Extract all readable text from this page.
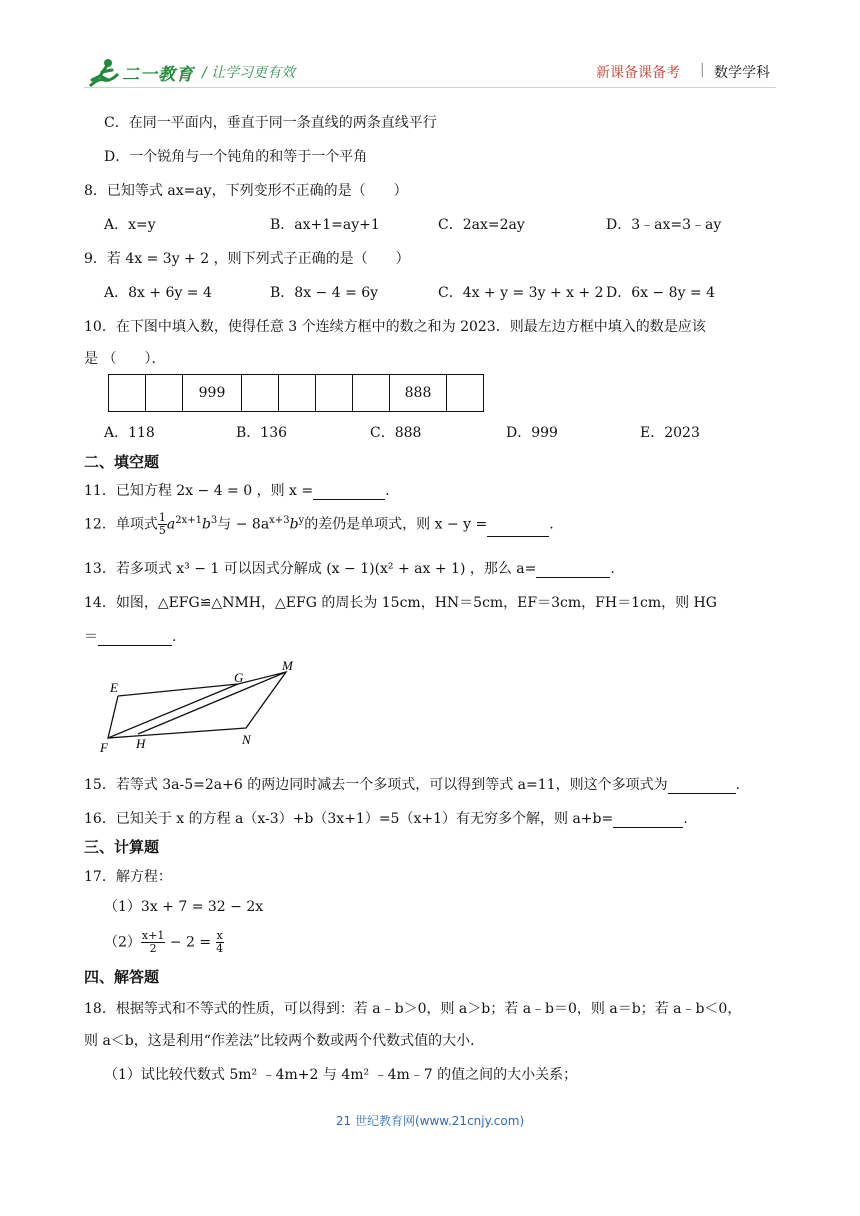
二一教育 / 让学习更有效	新课备课备考 | 数学学科
C．在同一平面内，垂直于同一条直线的两条直线平行
D．一个锐角与一个钝角的和等于一个平角
8．已知等式 ax=ay，下列变形不正确的是（　　）
A．x=y	B．ax+1=ay+1	C．2ax=2ay	D．3﹣ax=3﹣ay
9．若 4x = 3y + 2 ，则下列式子正确的是（　　）
A．8x + 6y = 4	B．8x − 4 = 6y	C．4x + y = 3y + x + 2 D．6x − 8y = 4
10．在下图中填入数，使得任意 3 个连续方框中的数之和为 2023．则最左边方框中填入的数是应该
是 （　　）．
		999					888	
A．118	B．136	C．888	D．999	E．2023
二、填空题
11．已知方程 2x − 4 = 0 ，则 x =	.
12．单项式 $\frac{1}{5} a^{2x+1}b^3$与 − $8a^{x+3}b^y$的差仍是单项式，则 x − y =	.
13．若多项式 x³ − 1 可以因式分解成 (x − 1)(x² + ax + 1) ，那么 a=	.
14．如图，△EFG≌△NMH，△EFG 的周长为 15cm，HN＝5cm，EF＝3cm，FH＝1cm，则 HG
＝	.
E
G
M
F H	N
15．若等式 3a-5=2a+6 的两边同时减去一个多项式，可以得到等式 a=11，则这个多项式为	.
16．已知关于 x 的方程 a（x-3）+b（3x+1）=5（x+1）有无穷多个解，则 a+b=	.
三、计算题
17．解方程：
（1）3x + 7 = 32 − 2x
$(2) \frac{x+1}{2} - 2 = \frac{x}{4}$
四、解答题
18．根据等式和不等式的性质，可以得到：若 a﹣b＞0，则 a＞b；若 a﹣b＝0，则 a＝b；若 a﹣b＜0，
则 a＜b，这是利用“作差法”比较两个数或两个代数式值的大小．
（1）试比较代数式 5m² ﹣4m+2 与 4m² ﹣4m﹣7 的值之间的大小关系；
21 世纪教育网(www.21cnjy.com)
